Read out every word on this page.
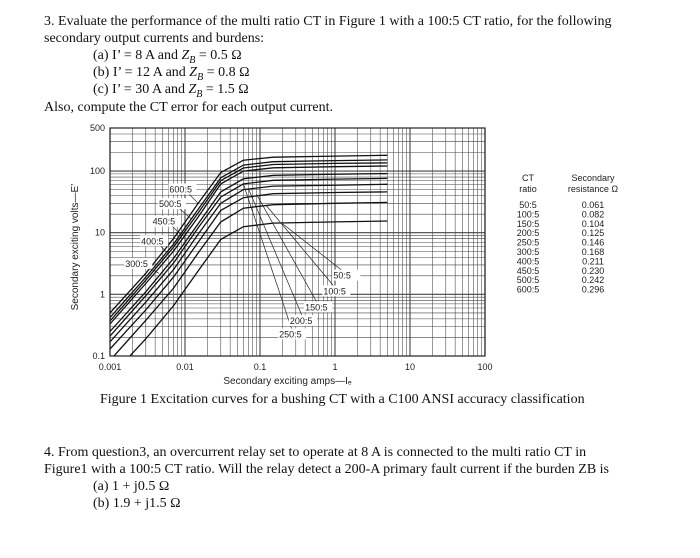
3. Evaluate the performance of the multi ratio CT in Figure 1 with a 100:5 CT ratio, for the following
secondary output currents and burdens:
(a) I’ = 8 A and $Z_B = 0.5$ Ω
(b) I’ = 12 A and $Z_B = 0.8$ Ω
(c) I’ = 30 A and $Z_B = 1.5$ Ω
Also, compute the CT error for each output current.
0.001	0.01	0.1	1	10	100
500
100
10
1
0.1
Secondary exciting amps—Iₑ
Secondary exciting volts—E’	600:5
500:5
450:5
400:5
300:5
250:5
200:5
150:5
100:5
50:5
CT	Secondary
ratio	resistance Ω
50:5	0.061
100:5	0.082
150:5	0.104
200:5	0.125
250:5	0.146
300:5	0.168
400:5	0.211
450:5	0.230
500:5	0.242
600:5	0.296
Figure 1 Excitation curves for a bushing CT with a C100 ANSI accuracy classification
4. From question3, an overcurrent relay set to operate at 8 A is connected to the multi ratio CT in
Figure1 with a 100:5 CT ratio. Will the relay detect a 200-A primary fault current if the burden ZB is
(a) 1 + j0.5 Ω
(b) 1.9 + j1.5 Ω
